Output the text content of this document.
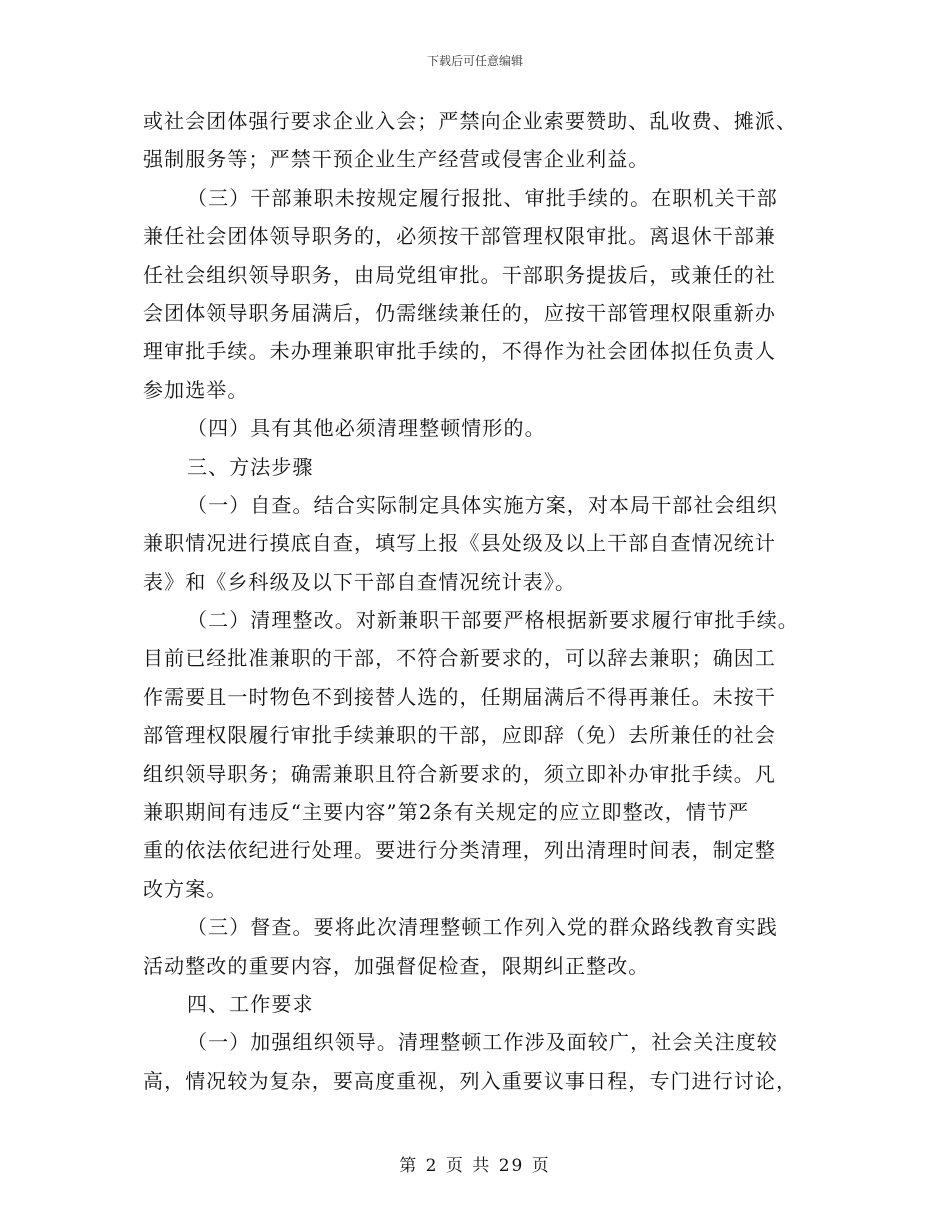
下载后可任意编辑
或社会团体强行要求企业入会；严禁向企业索要赞助、乱收费、摊派、
强制服务等；严禁干预企业生产经营或侵害企业利益。
（三）干部兼职未按规定履行报批、审批手续的。在职机关干部
兼任社会团体领导职务的，必须按干部管理权限审批。离退休干部兼
任社会组织领导职务，由局党组审批。干部职务提拔后，或兼任的社
会团体领导职务届满后，仍需继续兼任的，应按干部管理权限重新办
理审批手续。未办理兼职审批手续的，不得作为社会团体拟任负责人
参加选举。
（四）具有其他必须清理整顿情形的。
三、方法步骤
（一）自查。结合实际制定具体实施方案，对本局干部社会组织
兼职情况进行摸底自查，填写上报《县处级及以上干部自查情况统计
表》和《乡科级及以下干部自查情况统计表》。
（二）清理整改。对新兼职干部要严格根据新要求履行审批手续。
目前已经批准兼职的干部，不符合新要求的，可以辞去兼职；确因工
作需要且一时物色不到接替人选的，任期届满后不得再兼任。未按干
部管理权限履行审批手续兼职的干部，应即辞（免）去所兼任的社会
组织领导职务；确需兼职且符合新要求的，须立即补办审批手续。凡
兼职期间有违反“主要内容”第2条有关规定的应立即整改，情节严
重的依法依纪进行处理。要进行分类清理，列出清理时间表，制定整
改方案。
（三）督查。要将此次清理整顿工作列入党的群众路线教育实践
活动整改的重要内容，加强督促检查，限期纠正整改。
四、工作要求
（一）加强组织领导。清理整顿工作涉及面较广，社会关注度较
高，情况较为复杂，要高度重视，列入重要议事日程，专门进行讨论，
第 2 页 共 29 页
